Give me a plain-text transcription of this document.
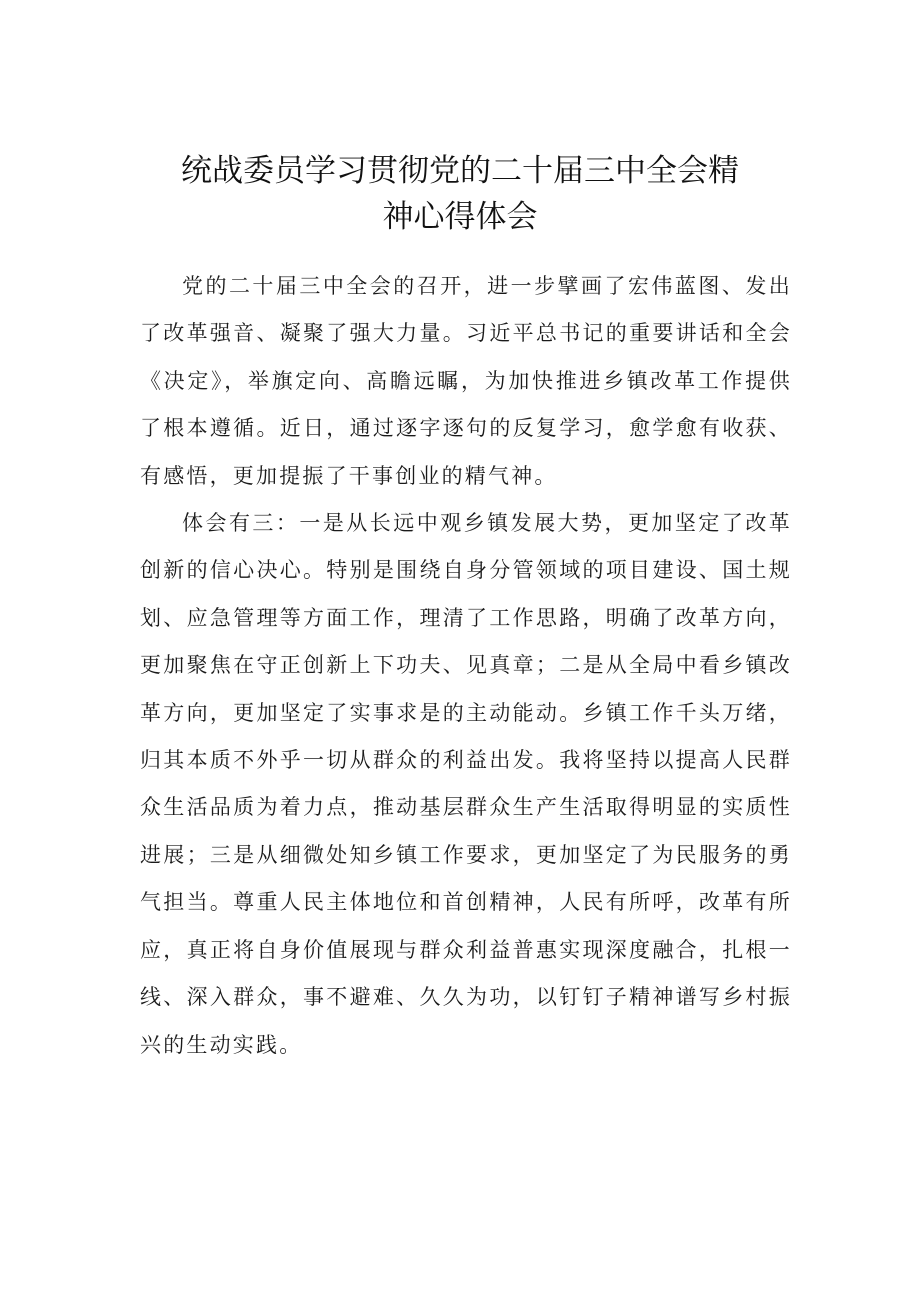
统战委员学习贯彻党的二十届三中全会精
神心得体会

党的二十届三中全会的召开，进一步擘画了宏伟蓝图、发出了改革强音、凝聚了强大力量。习近平总书记的重要讲话和全会《决定》，举旗定向、高瞻远瞩，为加快推进乡镇改革工作提供了根本遵循。近日，通过逐字逐句的反复学习，愈学愈有收获、有感悟，更加提振了干事创业的精气神。

体会有三：一是从长远中观乡镇发展大势，更加坚定了改革创新的信心决心。特别是围绕自身分管领域的项目建设、国土规划、应急管理等方面工作，理清了工作思路，明确了改革方向，更加聚焦在守正创新上下功夫、见真章；二是从全局中看乡镇改革方向，更加坚定了实事求是的主动能动。乡镇工作千头万绪，归其本质不外乎一切从群众的利益出发。我将坚持以提高人民群众生活品质为着力点，推动基层群众生产生活取得明显的实质性进展；三是从细微处知乡镇工作要求，更加坚定了为民服务的勇气担当。尊重人民主体地位和首创精神，人民有所呼，改革有所应，真正将自身价值展现与群众利益普惠实现深度融合，扎根一线、深入群众，事不避难、久久为功，以钉钉子精神谱写乡村振兴的生动实践。
